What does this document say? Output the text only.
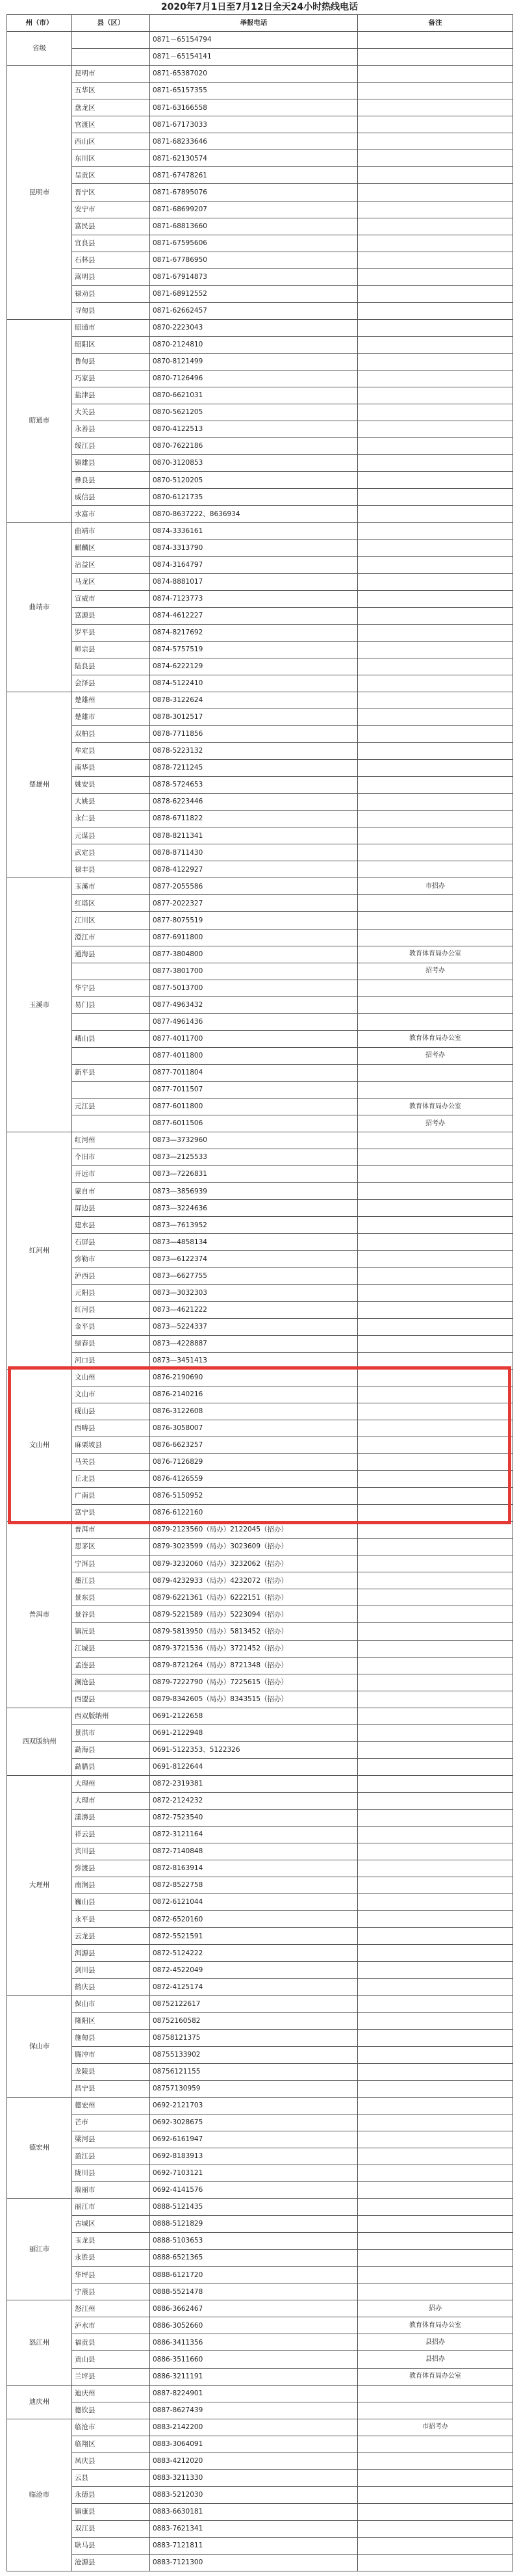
2020年7月1日至7月12日全天24小时热线电话
州（市）	县（区）	举报电话	备注
省级		0871－65154794	
		0871－65154141	
昆明市	昆明市	0871-65387020	
	五华区	0871-65157355	
	盘龙区	0871-63166558	
	官渡区	0871-67173033	
	西山区	0871-68233646	
	东川区	0871-62130574	
	呈贡区	0871-67478261	
	晋宁区	0871-67895076	
	安宁市	0871-68699207	
	富民县	0871-68813660	
	宜良县	0871-67595606	
	石林县	0871-67786950	
	嵩明县	0871-67914873	
	禄劝县	0871-68912552	
	寻甸县	0871-62662457	
昭通市	昭通市	0870-2223043	
	昭阳区	0870-2124810	
	鲁甸县	0870-8121499	
	巧家县	0870-7126496	
	盐津县	0870-6621031	
	大关县	0870-5621205	
	永善县	0870-4122513	
	绥江县	0870-7622186	
	镇雄县	0870-3120853	
	彝良县	0870-5120205	
	威信县	0870-6121735	
	水富市	0870-8637222、8636934	
曲靖市	曲靖市	0874-3336161	
	麒麟区	0874-3313790	
	沾益区	0874-3164797	
	马龙区	0874-8881017	
	宣威市	0874-7123773	
	富源县	0874-4612227	
	罗平县	0874-8217692	
	师宗县	0874-5757519	
	陆良县	0874-6222129	
	会泽县	0874-5122410	
楚雄州	楚雄州	0878-3122624	
	楚雄市	0878-3012517	
	双柏县	0878-7711856	
	牟定县	0878-5223132	
	南华县	0878-7211245	
	姚安县	0878-5724653	
	大姚县	0878-6223446	
	永仁县	0878-6711822	
	元谋县	0878-8211341	
	武定县	0878-8711430	
	禄丰县	0878-4122927	
玉溪市	玉溪市	0877-2055586	市招办
	红塔区	0877-2022327	
	江川区	0877-8075519	
	澄江市	0877-6911800	
	通海县	0877-3804800	教育体育局办公室
		0877-3801700	招考办
	华宁县	0877-5013700	
	易门县	0877-4963432	
		0877-4961436	
	峨山县	0877-4011700	教育体育局办公室
		0877-4011800	招考办
	新平县	0877-7011804	
		0877-7011507	
	元江县	0877-6011800	教育体育局办公室
		0877-6011506	招考办
红河州	红河州	0873—3732960	
	个旧市	0873—2125533	
	开远市	0873—7226831	
	蒙自市	0873—3856939	
	屏边县	0873—3224636	
	建水县	0873—7613952	
	石屏县	0873—4858134	
	弥勒市	0873—6122374	
	泸西县	0873—6627755	
	元阳县	0873—3032303	
	红河县	0873—4621222	
	金平县	0873—5224337	
	绿春县	0873—4228887	
	河口县	0873—3451413	
文山州	文山州	0876-2190690	
	文山市	0876-2140216	
	砚山县	0876-3122608	
	西畴县	0876-3058007	
	麻栗坡县	0876-6623257	
	马关县	0876-7126829	
	丘北县	0876-4126559	
	广南县	0876-5150952	
	富宁县	0876-6122160	
普洱市	普洱市	0879-2123560（局办）2122045（招办）	
	思茅区	0879-3023599（局办）3023609（招办）	
	宁洱县	0879-3232060（局办）3232062（招办）	
	墨江县	0879-4232933（局办）4232072（招办）	
	景东县	0879-6221361（局办）6222151（招办）	
	景谷县	0879-5221589（局办）5223094（招办）	
	镇沅县	0879-5813950（局办）5813452（招办）	
	江城县	0879-3721536（局办）3721452（招办）	
	孟连县	0879-8721264（局办）8721348（招办）	
	澜沧县	0879-7222790（局办）7225615（招办）	
	西盟县	0879-8342605（局办）8343515（招办）	
西双版纳州	西双版纳州	0691-2122658	
	景洪市	0691-2122948	
	勐海县	0691-5122353、5122326	
	勐腊县	0691-8122644	
大理州	大理州	0872-2319381	
	大理市	0872-2124232	
	漾濞县	0872-7523540	
	祥云县	0872-3121164	
	宾川县	0872-7140848	
	弥渡县	0872-8163914	
	南涧县	0872-8522758	
	巍山县	0872-6121044	
	永平县	0872-6520160	
	云龙县	0872-5521591	
	洱源县	0872-5124222	
	剑川县	0872-4522049	
	鹤庆县	0872-4125174	
保山市	保山市	08752122617	
	隆阳区	08752160582	
	施甸县	08758121375	
	腾冲市	08755133902	
	龙陵县	08756121155	
	昌宁县	08757130959	
德宏州	德宏州	0692-2121703	
	芒市	0692-3028675	
	梁河县	0692-6161947	
	盈江县	0692-8183913	
	陇川县	0692-7103121	
	瑞丽市	0692-4141576	
丽江市	丽江市	0888-5121435	
	古城区	0888-5121829	
	玉龙县	0888-5103653	
	永胜县	0888-6521365	
	华坪县	0888-6121720	
	宁蒗县	0888-5521478	
怒江州	怒江州	0886-3662467	招办
	泸水市	0886-3052660	教育体育局办公室
	福贡县	0886-3411356	县招办
	贡山县	0886-3511660	县招办
	兰坪县	0886-3211191	教育体育局办公室
迪庆州	迪庆州	0887-8224901	
	德钦县	0887-8627439	
临沧市	临沧市	0883-2142200	市招考办
	临翔区	0883-3064091	
	凤庆县	0883-4212020	
	云县	0883-3211330	
	永德县	0883-5212030	
	镇康县	0883-6630181	
	双江县	0883-7621341	
	耿马县	0883-7121811	
	沧源县	0883-7121300	
